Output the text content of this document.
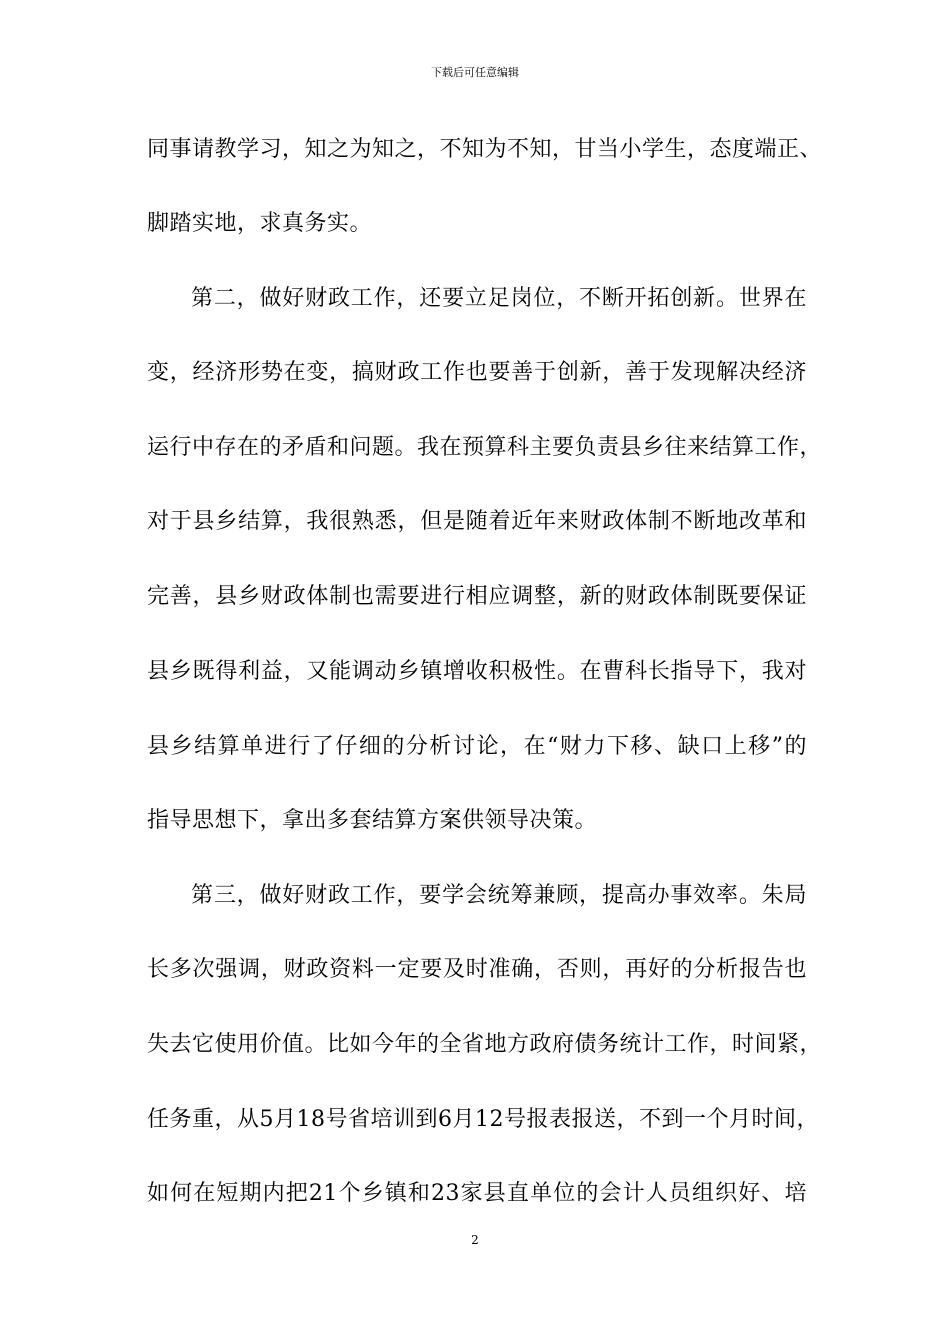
下载后可任意编辑
同事请教学习，知之为知之，不知为不知，甘当小学生，态度端正、
脚踏实地，求真务实。
第二，做好财政工作，还要立足岗位，不断开拓创新。世界在
变，经济形势在变，搞财政工作也要善于创新，善于发现解决经济
运行中存在的矛盾和问题。我在预算科主要负责县乡往来结算工作，
对于县乡结算，我很熟悉，但是随着近年来财政体制不断地改革和
完善，县乡财政体制也需要进行相应调整，新的财政体制既要保证
县乡既得利益，又能调动乡镇增收积极性。在曹科长指导下，我对
县乡结算单进行了仔细的分析讨论，在“财力下移、缺口上移”的
指导思想下，拿出多套结算方案供领导决策。
第三，做好财政工作，要学会统筹兼顾，提高办事效率。朱局
长多次强调，财政资料一定要及时准确，否则，再好的分析报告也
失去它使用价值。比如今年的全省地方政府债务统计工作，时间紧，
任务重，从5月18号省培训到6月12号报表报送，不到一个月时间，
如何在短期内把21个乡镇和23家县直单位的会计人员组织好、培
2
